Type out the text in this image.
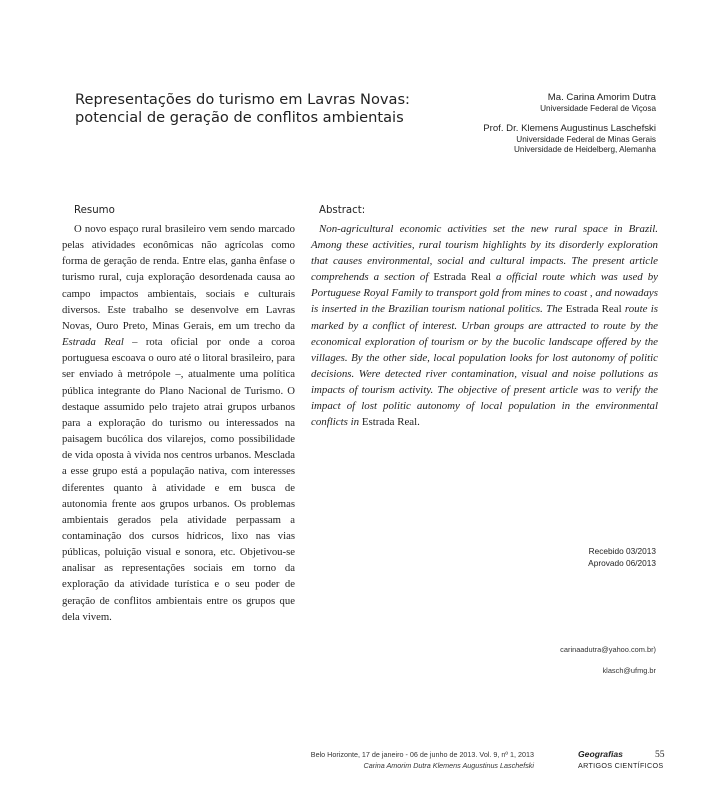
Representações do turismo em Lavras Novas:
potencial de geração de conflitos ambientais
Ma. Carina Amorim Dutra
Universidade Federal de Viçosa
Prof. Dr. Klemens Augustinus Laschefski
Universidade Federal de Minas Gerais
Universidade de Heidelberg, Alemanha
Resumo

O novo espaço rural brasileiro vem sendo marcado pelas atividades econômicas não agrícolas como forma de geração de renda. Entre elas, ganha ênfase o turismo rural, cuja exploração desordenada causa ao campo impactos ambientais, sociais e culturais diversos. Este trabalho se desenvolve em Lavras Novas, Ouro Preto, Minas Gerais, em um trecho da Estrada Real – rota oficial por onde a coroa portuguesa escoava o ouro até o litoral brasileiro, para ser enviado à metrópole –, atualmente uma política pública integrante do Plano Nacional de Turismo. O destaque assumido pelo trajeto atrai grupos urbanos para a exploração do turismo ou interessados na paisagem bucólica dos vilarejos, como possibilidade de vida oposta à vivida nos centros urbanos. Mesclada a esse grupo está a população nativa, com interesses diferentes quanto à atividade e em busca de autonomia frente aos grupos urbanos. Os problemas ambientais gerados pela atividade perpassam a contaminação dos cursos hídricos, lixo nas vias públicas, poluição visual e sonora, etc. Objetivou-se analisar as representações sociais em torno da exploração da atividade turística e o seu poder de geração de conflitos ambientais entre os grupos que dela vivem.

Abstract:

Non-agricultural economic activities set the new rural space in Brazil. Among these activities, rural tourism highlights by its disorderly exploration that causes environmental, social and cultural impacts. The present article comprehends a section of Estrada Real a official route which was used by Portuguese Royal Family to transport gold from mines to coast , and nowadays is inserted in the Brazilian tourism national politics. The Estrada Real route is marked by a conflict of interest. Urban groups are attracted to route by the economical exploration of tourism or by the bucolic landscape offered by the villages. By the other side, local population looks for lost autonomy of politic decisions. Were detected river contamination, visual and noise pollutions as impacts of tourism activity. The objective of present article was to verify the impact of lost politic autonomy of local population in the environmental conflicts in Estrada Real.

Recebido 03/2013
Aprovado 06/2013
carinaadutra@yahoo.com.br)
klasch@ufmg.br
Belo Horizonte, 17 de janeiro - 06 de junho de 2013. Vol. 9, nº 1, 2013
Carina Amorim Dutra Klemens Augustinus Laschefski
Geografias
ARTIGOS CIENTÍFICOS
55
